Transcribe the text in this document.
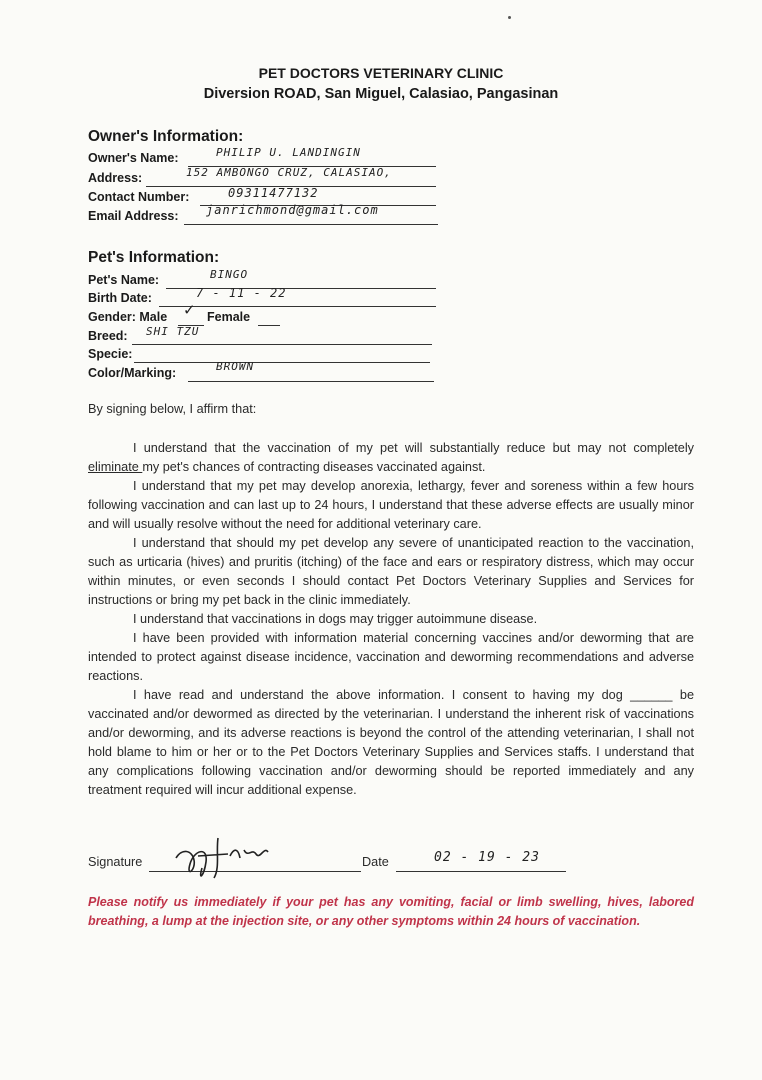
PET DOCTORS VETERINARY CLINIC
Diversion ROAD, San Miguel, Calasiao, Pangasinan
Owner's Information:
Owner's Name:	PHILIP U. LANDINGIN
Address:	152 AMBONGO CRUZ, CALASIAO,
Contact Number:	09311477132
Email Address: janrichmond@gmail.com
Pet's Information:
Pet's Name:	BINGO
Birth Date:	7 - 11 - 22
Gender: Male ✓ Female
Breed: SHI TZU
Specie:
Color/Marking:	BROWN
By signing below, I affirm that:

I understand that the vaccination of my pet will substantially reduce but may not completely eliminate my pet's chances of contracting diseases vaccinated against.

I understand that my pet may develop anorexia, lethargy, fever and soreness within a few hours following vaccination and can last up to 24 hours, I understand that these adverse effects are usually minor and will usually resolve without the need for additional veterinary care.

I understand that should my pet develop any severe of unanticipated reaction to the vaccination, such as urticaria (hives) and pruritis (itching) of the face and ears or respiratory distress, which may occur within minutes, or even seconds I should contact Pet Doctors Veterinary Supplies and Services for instructions or bring my pet back in the clinic immediately.

I understand that vaccinations in dogs may trigger autoimmune disease.

I have been provided with information material concerning vaccines and/or deworming that are intended to protect against disease incidence, vaccination and deworming recommendations and adverse reactions.

I have read and understand the above information. I consent to having my dog ______ be vaccinated and/or dewormed as directed by the veterinarian. I understand the inherent risk of vaccinations and/or deworming, and its adverse reactions is beyond the control of the attending veterinarian, I shall not hold blame to him or her or to the Pet Doctors Veterinary Supplies and Services staffs. I understand that any complications following vaccination and/or deworming should be reported immediately and any treatment required will incur additional expense.

Signature	Date	02 - 19 - 23
Please notify us immediately if your pet has any vomiting, facial or limb swelling, hives, labored breathing, a lump at the injection site, or any other symptoms within 24 hours of vaccination.
